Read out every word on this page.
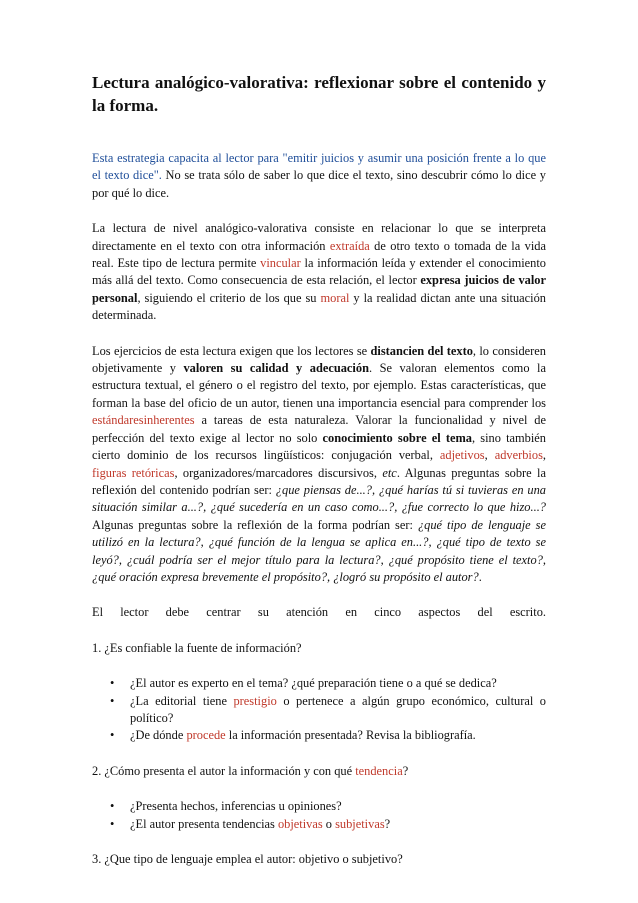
Lectura analógico-valorativa: reflexionar sobre el contenido y la forma.

Esta estrategia capacita al lector para "emitir juicios y asumir una posición frente a lo que el texto dice". No se trata sólo de saber lo que dice el texto, sino descubrir cómo lo dice y por qué lo dice.

La lectura de nivel analógico-valorativa consiste en relacionar lo que se interpreta directamente en el texto con otra información extraída de otro texto o tomada de la vida real. Este tipo de lectura permite vincular la información leída y extender el conocimiento más allá del texto. Como consecuencia de esta relación, el lector expresa juicios de valor personal, siguiendo el criterio de los que su moral y la realidad dictan ante una situación determinada.

Los ejercicios de esta lectura exigen que los lectores se distancien del texto, lo consideren objetivamente y valoren su calidad y adecuación. Se valoran elementos como la estructura textual, el género o el registro del texto, por ejemplo. Estas características, que forman la base del oficio de un autor, tienen una importancia esencial para comprender los estándaresinherentes a tareas de esta naturaleza. Valorar la funcionalidad y nivel de perfección del texto exige al lector no solo conocimiento sobre el tema, sino también cierto dominio de los recursos lingüísticos: conjugación verbal, adjetivos, adverbios, figuras retóricas, organizadores/marcadores discursivos, etc. Algunas preguntas sobre la reflexión del contenido podrían ser: ¿que piensas de...?, ¿qué harías tú si tuvieras en una situación similar a...?, ¿qué sucedería en un caso como...?, ¿fue correcto lo que hizo...? Algunas preguntas sobre la reflexión de la forma podrían ser: ¿qué tipo de lenguaje se utilizó en la lectura?, ¿qué función de la lengua se aplica en...?, ¿qué tipo de texto se leyó?, ¿cuál podría ser el mejor título para la lectura?, ¿qué propósito tiene el texto?, ¿qué oración expresa brevemente el propósito?, ¿logró su propósito el autor?.

El lector debe centrar su atención en cinco aspectos del escrito.

1. ¿Es confiable la fuente de información?
• ¿El autor es experto en el tema? ¿qué preparación tiene o a qué se dedica?
• ¿La editorial tiene prestigio o pertenece a algún grupo económico, cultural o político?
• ¿De dónde procede la información presentada? Revisa la bibliografía.
2. ¿Cómo presenta el autor la información y con qué tendencia?
• ¿Presenta hechos, inferencias u opiniones?
• ¿El autor presenta tendencias objetivas o subjetivas?
3. ¿Que tipo de lenguaje emplea el autor: objetivo o subjetivo?
